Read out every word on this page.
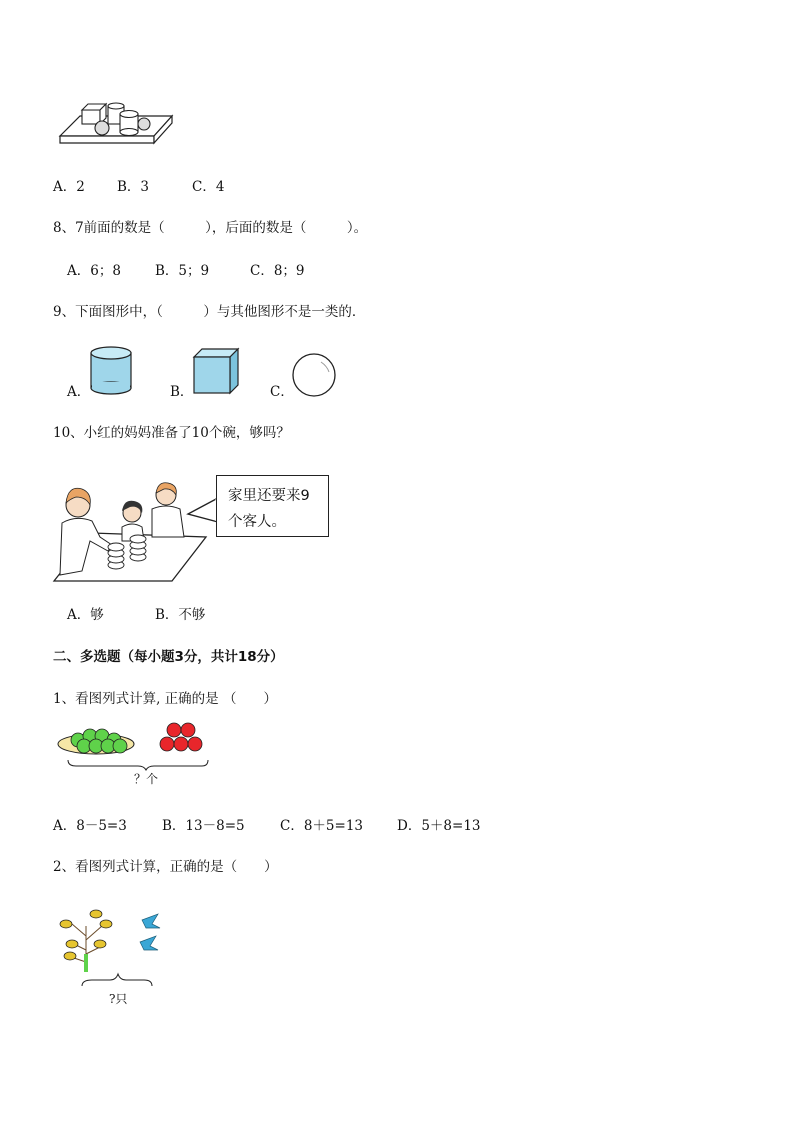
A．2 B．3	C．4
8、7前面的数是（　　　），后面的数是（　　　）。
A．6；8	B．5；9	C．8；9
9、下面图形中，（　　　）与其他图形不是一类的．
A．	B．	C．
10、小红的妈妈准备了10个碗，够吗？
家里还要来9
个客人。
A．够	B．不够
二、多选题（每小题3分，共计18分）
1、看图列式计算, 正确的是 （　　）
？个
A．8－5=3	B．13－8=5	C．8＋5=13	D．5＋8=13
2、看图列式计算，正确的是（　　）
?只
